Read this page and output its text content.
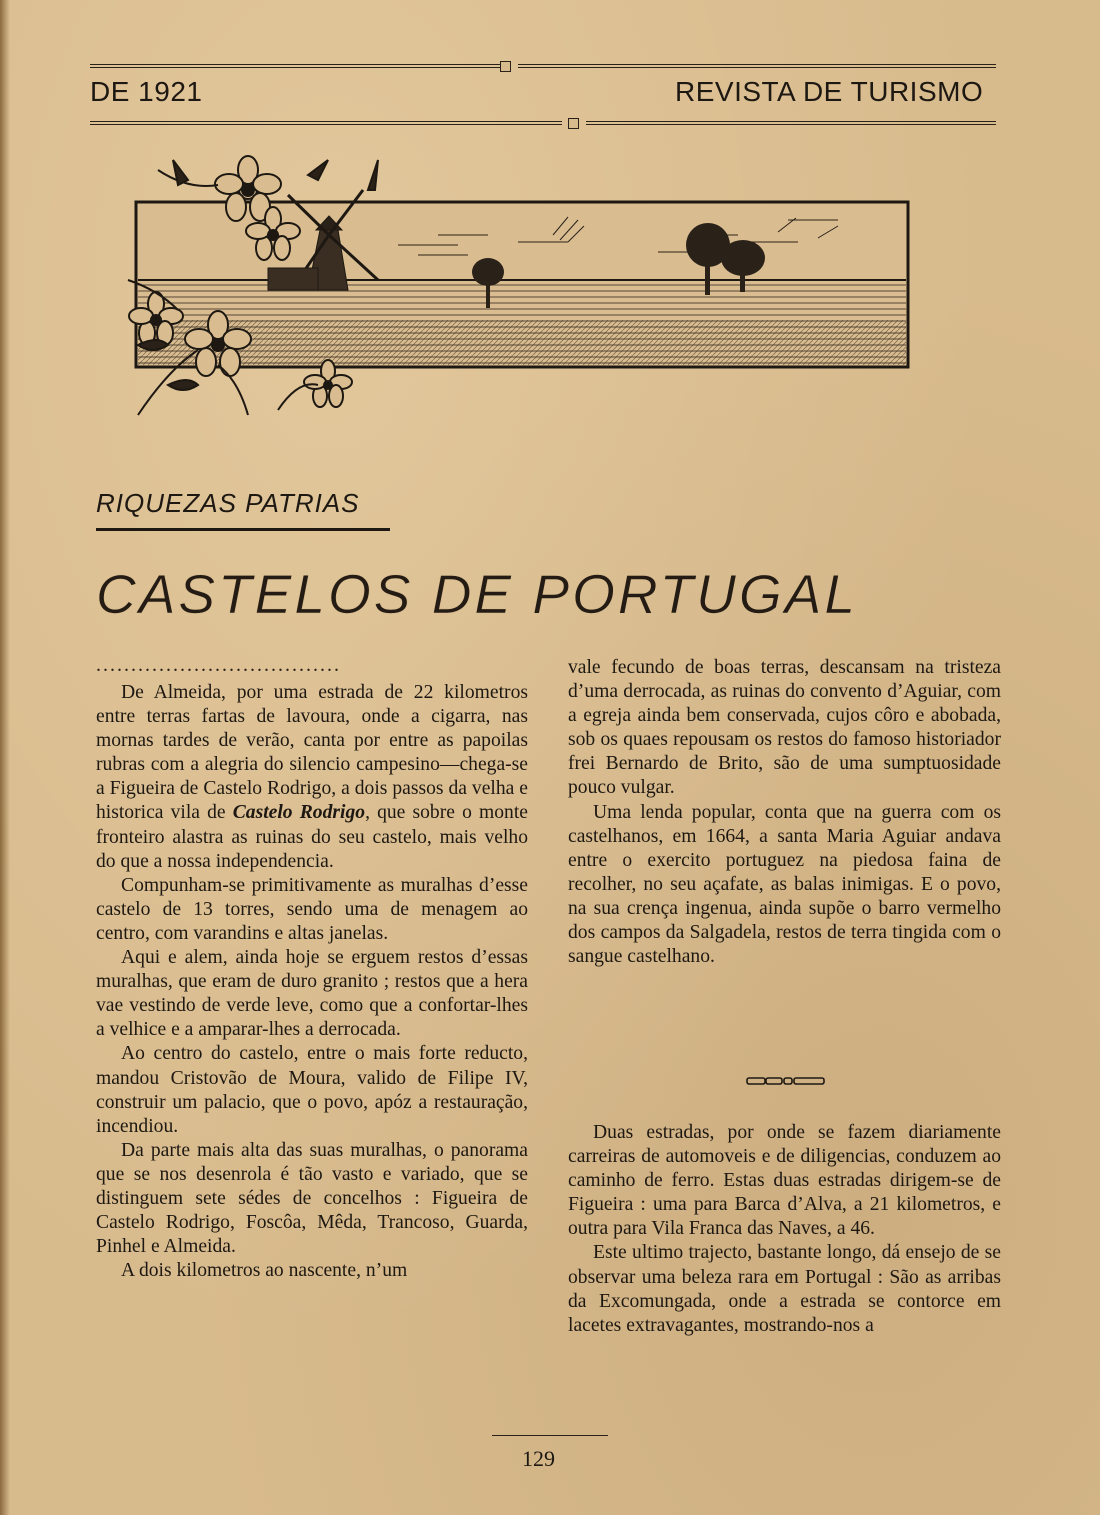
DE 1921	REVISTA DE TURISMO
RIQUEZAS PATRIAS
CASTELOS DE PORTUGAL
...................................

De Almeida, por uma estrada de 22 kilometros entre terras fartas de lavoura, onde a cigarra, nas mornas tardes de verão, canta por entre as papoilas rubras com a alegria do silencio campesino—chega-se a Figueira de Castelo Rodrigo, a dois passos da velha e historica vila de Castelo Rodrigo, que sobre o monte fronteiro alastra as ruinas do seu castelo, mais velho do que a nossa independencia.

Compunham-se primitivamente as muralhas d’esse castelo de 13 torres, sendo uma de menagem ao centro, com varandins e altas janelas.

Aqui e alem, ainda hoje se erguem restos d’essas muralhas, que eram de duro granito ; restos que a hera vae vestindo de verde leve, como que a confortar-lhes a velhice e a amparar-lhes a derrocada.

Ao centro do castelo, entre o mais forte reducto, mandou Cristovão de Moura, valido de Filipe IV, construir um palacio, que o povo, apóz a restauração, incendiou.

Da parte mais alta das suas muralhas, o panorama que se nos desenrola é tão vasto e variado, que se distinguem sete sédes de concelhos : Figueira de Castelo Rodrigo, Foscôa, Mêda, Trancoso, Guarda, Pinhel e Almeida.

A dois kilometros ao nascente, n’um

vale fecundo de boas terras, descansam na tristeza d’uma derrocada, as ruinas do convento d’Aguiar, com a egreja ainda bem conservada, cujos côro e abobada, sob os quaes repousam os restos do famoso historiador frei Bernardo de Brito, são de uma sumptuosidade pouco vulgar.

Uma lenda popular, conta que na guerra com os castelhanos, em 1664, a santa Maria Aguiar andava entre o exercito portuguez na piedosa faina de recolher, no seu açafate, as balas inimigas. E o povo, na sua crença ingenua, ainda supõe o barro vermelho dos campos da Salgadela, restos de terra tingida com o sangue castelhano.

Duas estradas, por onde se fazem diariamente carreiras de automoveis e de diligencias, conduzem ao caminho de ferro. Estas duas estradas dirigem-se de Figueira : uma para Barca d’Alva, a 21 kilometros, e outra para Vila Franca das Naves, a 46.

Este ultimo trajecto, bastante longo, dá ensejo de se observar uma beleza rara em Portugal : São as arribas da Excomungada, onde a estrada se contorce em lacetes extravagantes, mostrando-nos a

129
